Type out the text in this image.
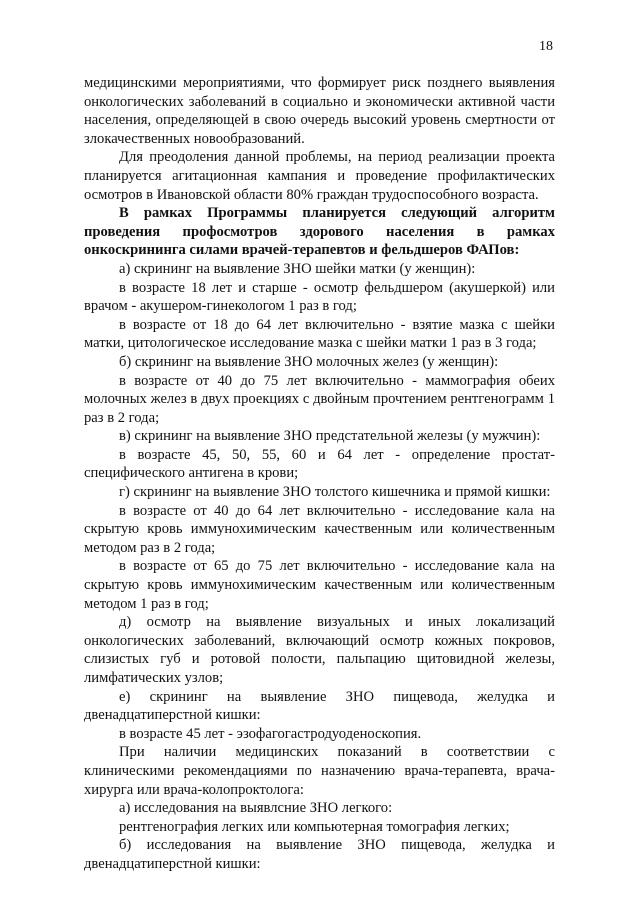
18

медицинскими мероприятиями, что формирует риск позднего выявления онкологических заболеваний в социально и экономически активной части населения, определяющей в свою очередь высокий уровень смертности от злокачественных новообразований.

Для преодоления данной проблемы, на период реализации проекта планируется агитационная кампания и проведение профилактических осмотров в Ивановской области 80% граждан трудоспособного возраста.

В рамках Программы планируется следующий алгоритм проведения профосмотров здорового населения в рамках онкоскрининга силами врачей-терапевтов и фельдшеров ФАПов:

а) скрининг на выявление ЗНО шейки матки (у женщин):

в возрасте 18 лет и старше - осмотр фельдшером (акушеркой) или врачом - акушером-гинекологом 1 раз в год;

в возрасте от 18 до 64 лет включительно - взятие мазка с шейки матки, цитологическое исследование мазка с шейки матки 1 раз в 3 года;

б) скрининг на выявление ЗНО молочных желез (у женщин):

в возрасте от 40 до 75 лет включительно - маммография обеих молочных желез в двух проекциях с двойным прочтением рентгенограмм 1 раз в 2 года;

в) скрининг на выявление ЗНО предстательной железы (у мужчин):

в возрасте 45, 50, 55, 60 и 64 лет - определение простат-специфического антигена в крови;

г) скрининг на выявление ЗНО толстого кишечника и прямой кишки:

в возрасте от 40 до 64 лет включительно - исследование кала на скрытую кровь иммунохимическим качественным или количественным методом раз в 2 года;

в возрасте от 65 до 75 лет включительно - исследование кала на скрытую кровь иммунохимическим качественным или количественным методом 1 раз в год;

д) осмотр на выявление визуальных и иных локализаций онкологических заболеваний, включающий осмотр кожных покровов, слизистых губ и ротовой полости, пальпацию щитовидной железы, лимфатических узлов;

е) скрининг на выявление ЗНО пищевода, желудка и двенадцатиперстной кишки:

в возрасте 45 лет - эзофагогастродуоденоскопия.

При наличии медицинских показаний в соответствии с клиническими рекомендациями по назначению врача-терапевта, врача-хирурга или врача-колопроктолога:

а) исследования на выявлсние ЗНО легкого:

рентгенография легких или компьютерная томография легких;

б) исследования на выявление ЗНО пищевода, желудка и двенадцатиперстной кишки:
